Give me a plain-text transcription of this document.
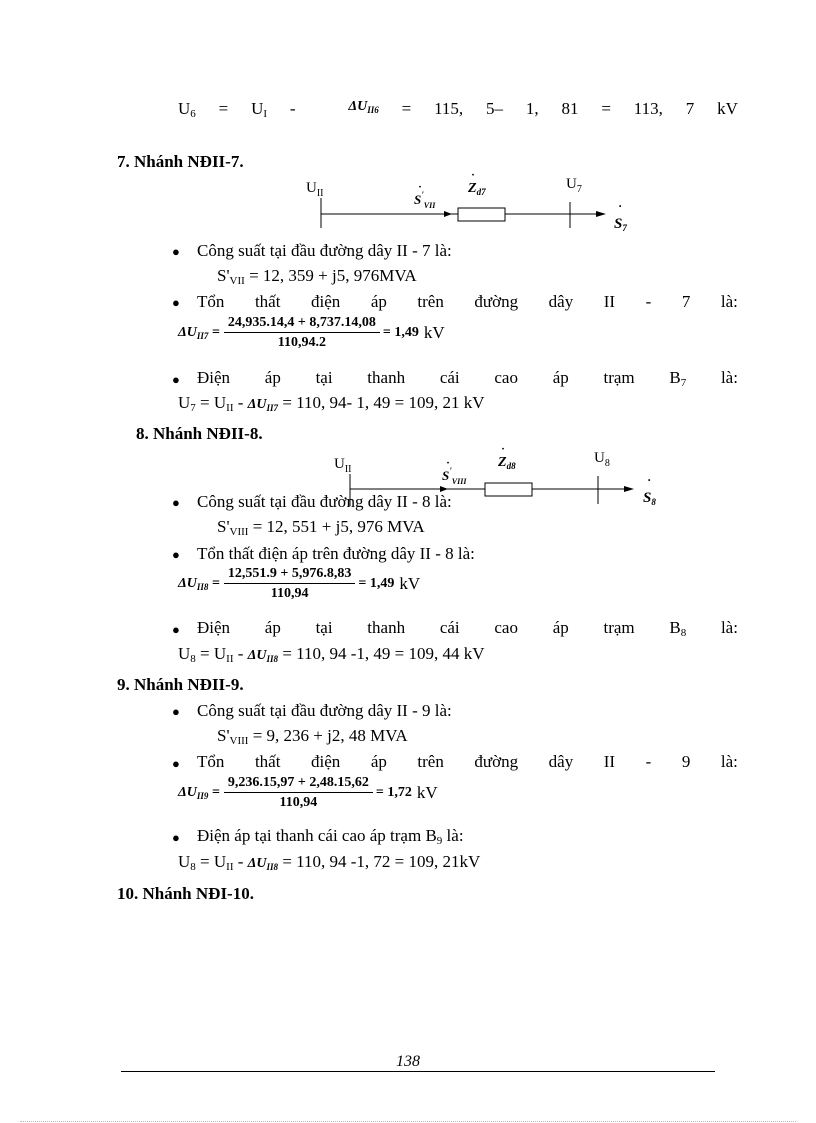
$U_6 = U_I$ -	$\Delta U_{II6} = 115$, 5– 1, 81 = 113, 7 kV
7. Nhánh NĐII-7.
$U_{II}$	$S'_{VII}$
˙	$Z_{d7}$
˙	$U_7$
$S_7$
˙
● Công suất tại đầu đường dây II - 7 là:
$S'_{VII} = 12$, 359 + j5, 976MVA
● Tổn thất điện áp trên đường dây II - 7 là:
$\Delta U_{II7} = \frac{24,935.14,4 + 8,737.14,08}{110,94.2} = 1,49$ kV
● Điện áp tại thanh cái cao áp trạm $B_7$ là:
$U_7 = U_{II} - \Delta U_{II7} = 110$, 94- 1, 49 = 109, 21 kV
8. Nhánh NĐII-8.
$U_{II}$	$S'_{VIII}$
˙	$Z_{d8}$
˙	$U_8$
$S_8$
˙
● Công suất tại đầu đường dây II - 8 là:
$S'_{VIII} = 12$, 551 + j5, 976 MVA
● Tổn thất điện áp trên đường dây II - 8 là:
$\Delta U_{II8} = \frac{12,551.9 + 5,976.8,83}{110,94} = 1,49$ kV
● Điện áp tại thanh cái cao áp trạm $B_8$ là:
$U_8 = U_{II} - \Delta U_{II8} = 110$, 94 -1, 49 = 109, 44 kV
9. Nhánh NĐII-9.
● Công suất tại đầu đường dây II - 9 là:
$S'_{VIII} = 9$, 236 + j2, 48 MVA
● Tổn thất điện áp trên đường dây II - 9 là:
$\Delta U_{II9} = \frac{9,236.15,97 + 2,48.15,62}{110,94} = 1,72$ kV
● Điện áp tại thanh cái cao áp trạm $B_9$ là:
$U_8 = U_{II} - \Delta U_{II8} = 110$, 94 -1, 72 = 109, 21kV
10. Nhánh NĐI-10.
138
